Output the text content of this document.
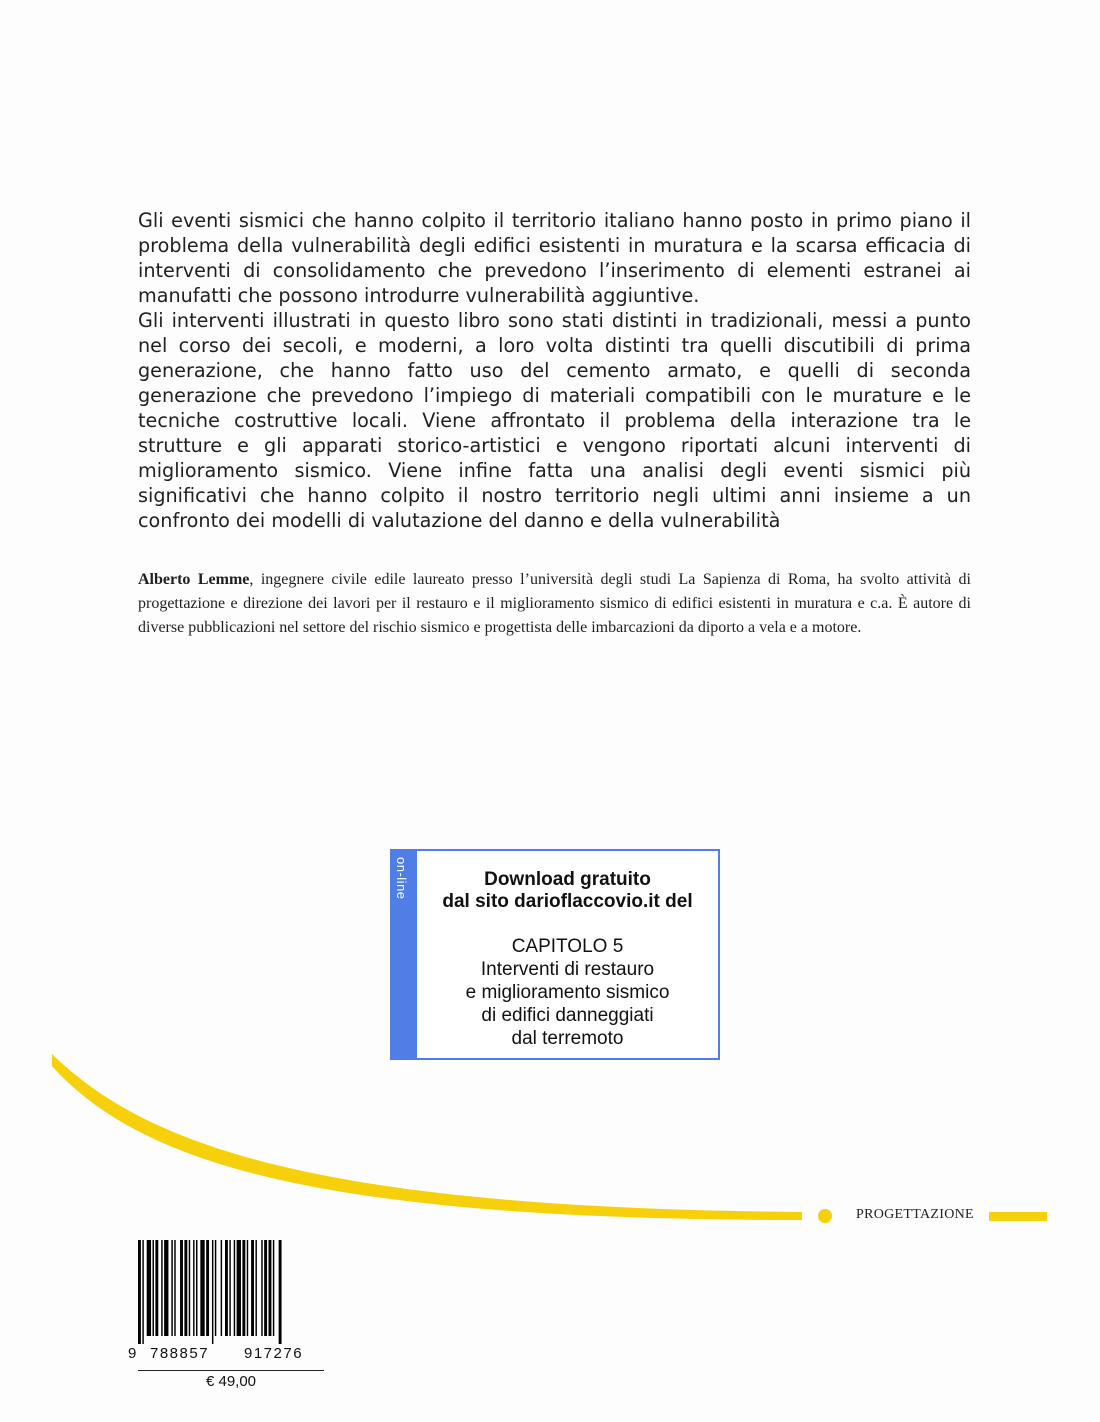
Gli eventi sismici che hanno colpito il territorio italiano hanno posto in primo piano il problema della vulnerabilità degli edifici esistenti in muratura e la scarsa efficacia di interventi di consolidamento che prevedono l’inserimento di elementi estranei ai manufatti che possono introdurre vulnerabilità aggiuntive.

Gli interventi illustrati in questo libro sono stati distinti in tradizionali, messi a punto nel corso dei secoli, e moderni, a loro volta distinti tra quelli discutibili di prima generazione, che hanno fatto uso del cemento armato, e quelli di seconda generazione che prevedono l’impiego di materiali compatibili con le murature e le tecniche costruttive locali. Viene affrontato il problema della interazione tra le strutture e gli apparati storico-artistici e vengono riportati alcuni interventi di miglioramento sismico. Viene infine fatta una analisi degli eventi sismici più significativi che hanno colpito il nostro territorio negli ultimi anni insieme a un confronto dei modelli di valutazione del danno e della vulnerabilità

Alberto Lemme, ingegnere civile edile laureato presso l’università degli studi La Sapienza di Roma, ha svolto attività di progettazione e direzione dei lavori per il restauro e il miglioramento sismico di edifici esistenti in muratura e c.a. È autore di diverse pubblicazioni nel settore del rischio sismico e progettista delle imbarcazioni da diporto a vela e a motore.

on-line	Download gratuito
dal sito darioflaccovio.it del
CAPITOLO 5
Interventi di restauro
e miglioramento sismico
di edifici danneggiati
dal terremoto
PROGETTAZIONE
9 788857 917276
€ 49,00
